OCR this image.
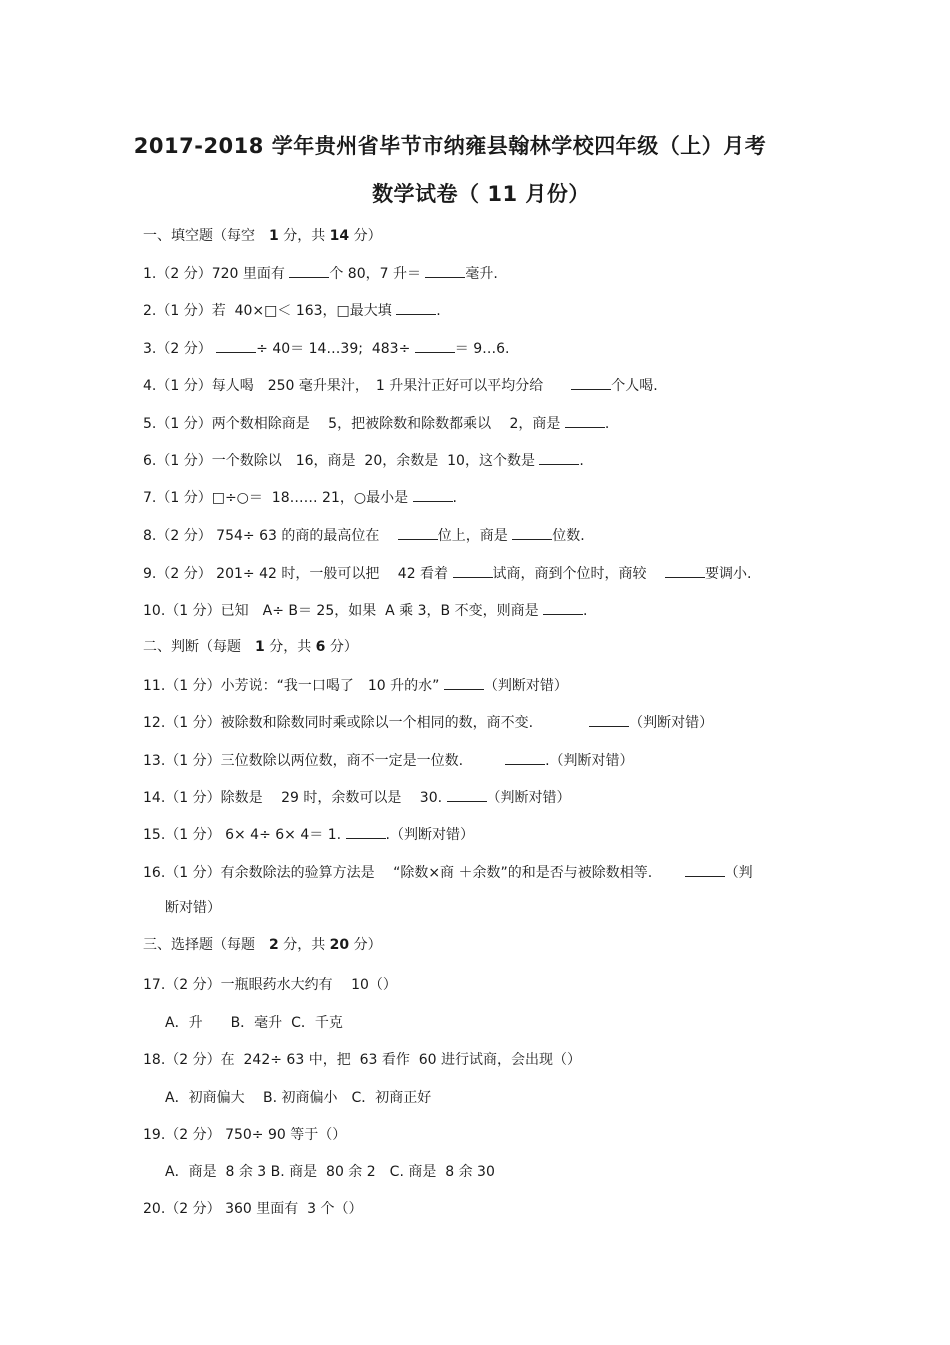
2017-2018 学年贵州省毕节市纳雍县翰林学校四年级（上）月考
数学试卷（ 11 月份）
一、填空题（每空　1 分，共 14 分）
1.（2 分）720 里面有	个 80，7 升＝	毫升.
2.（1 分）若  40×□＜ 163，□最大填	.
3.（2 分）	÷ 40＝ 14…39;  483÷	＝ 9…6.
4.（1 分）每人喝　250 毫升果汁，　1 升果汁正好可以平均分给　　	个人喝.
5.（1 分）两个数相除商是　 5，把被除数和除数都乘以　 2，商是	.
6.（1 分）一个数除以　16，商是  20，余数是  10，这个数是	.
7.（1 分）□÷○＝  18…… 21，○最小是	.
8.（2 分） 754÷ 63 的商的最高位在　	位上，商是	位数.
9.（2 分） 201÷ 42 时，一般可以把　 42 看着	试商，商到个位时，商较　	要调小.
10.（1 分）已知　A÷ B＝ 25，如果  A 乘 3，B 不变，则商是	.
二、判断（每题　1 分，共 6 分）
11.（1 分）小芳说：“我一口喝了　10 升的水”	（判断对错）
12.（1 分）被除数和除数同时乘或除以一个相同的数，商不变.　　　　	（判断对错）
13.（1 分）三位数除以两位数，商不一定是一位数.　　　	.（判断对错）
14.（1 分）除数是　 29 时，余数可以是　 30.	（判断对错）
15.（1 分） 6× 4÷ 6× 4＝ 1.	.（判断对错）
16.（1 分）有余数除法的验算方法是　 “除数×商 ＋余数”的和是否与被除数相等.　　	（判
断对错）
三、选择题（每题　2 分，共 20 分）
17.（2 分）一瓶眼药水大约有　 10（）
A．升　　B．毫升  C．千克
18.（2 分）在  242÷ 63 中，把  63 看作  60 进行试商，会出现（）
A．初商偏大　 B. 初商偏小　C．初商正好
19.（2 分） 750÷ 90 等于（）
A．商是  8 余 3 B. 商是  80 余 2　C. 商是  8 余 30
20.（2 分） 360 里面有  3 个（）
